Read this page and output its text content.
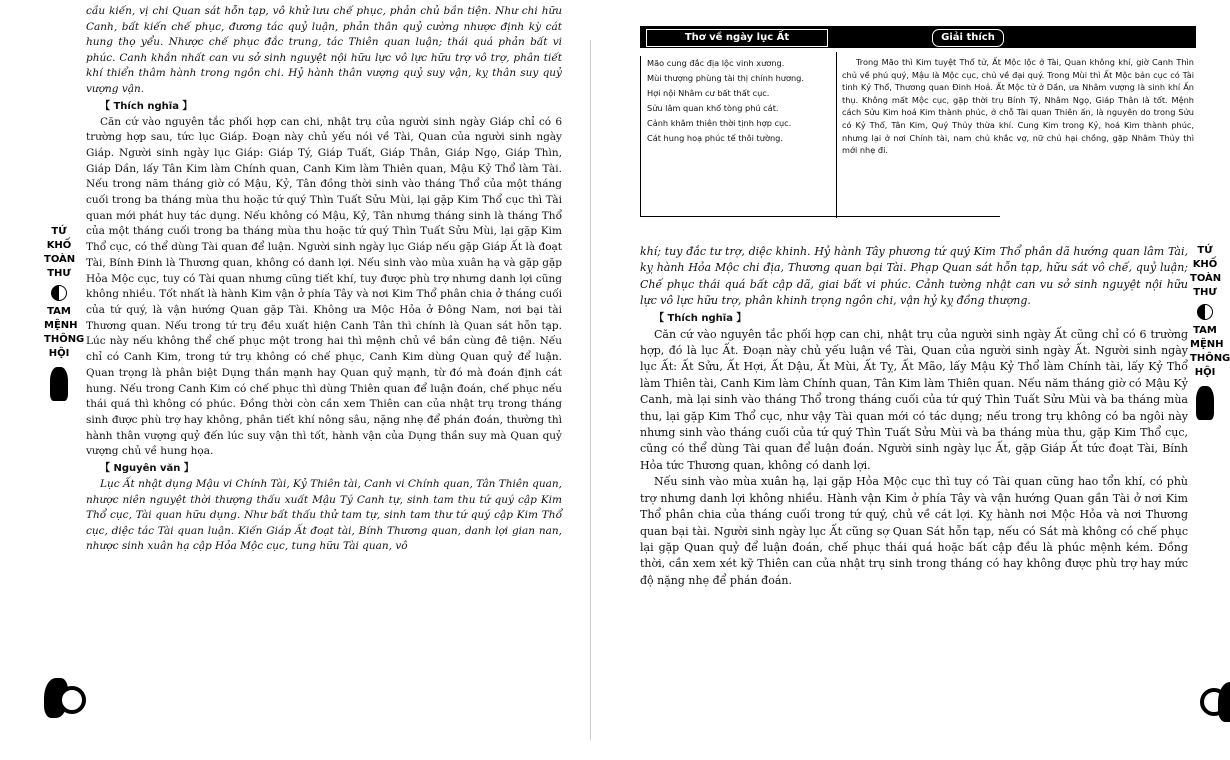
TỨ
KHỐ
TOÀN
THƯ
TAM
MỆNH
THÔNG
HỘI

cầu kiến, vị chi Quan sát hỗn tạp, vô khử lưu chế phục, phản chủ bần tiện. Như chi hữu Canh, bất kiến chế phục, đương tác quỷ luận, phản thân quỷ cường nhược định kỳ cát hung thọ yểu. Nhược chế phục đắc trung, tác Thiên quan luận; thái quá phản bất vi phúc. Canh khắn nhất can vu sở sinh nguyệt nội hữu lực vô lực hữu trợ vô trợ, phân tiết khí thiển thâm hành trong ngôn chi. Hỷ hành thân vượng quỷ suy vận, kỵ thân suy quỷ vượng vận.

【 Thích nghĩa 】

Căn cứ vào nguyên tắc phối hợp can chi, nhật trụ của người sinh ngày Giáp chỉ có 6 trường hợp sau, tức lục Giáp. Đoạn này chủ yếu nói về Tài, Quan của người sinh ngày Giáp. Người sinh ngày lục Giáp: Giáp Tý, Giáp Tuất, Giáp Thân, Giáp Ngọ, Giáp Thìn, Giáp Dần, lấy Tân Kim làm Chính quan, Canh Kim làm Thiên quan, Mậu Kỷ Thổ làm Tài. Nếu trong năm tháng giờ có Mậu, Kỷ, Tân đồng thời sinh vào tháng Thổ của một tháng cuối trong ba tháng mùa thu hoặc tứ quý Thìn Tuất Sửu Mùi, lại gặp Kim Thổ cục thì Tài quan mới phát huy tác dụng. Nếu không có Mậu, Kỷ, Tân nhưng tháng sinh là tháng Thổ của một tháng cuối trong ba tháng mùa thu hoặc tứ quý Thìn Tuất Sửu Mùi, lại gặp Kim Thổ cục, có thể dùng Tài quan để luận. Người sinh ngày lục Giáp nếu gặp Giáp Ất là đoạt Tài, Bính Đinh là Thương quan, không có danh lợi. Nếu sinh vào mùa xuân hạ và gặp gặp Hỏa Mộc cục, tuy có Tài quan nhưng cũng tiết khí, tuy được phù trợ nhưng danh lợi cũng không nhiều. Tốt nhất là hành Kim vận ở phía Tây và nơi Kim Thổ phân chia ở tháng cuối của tứ quý, là vận hướng Quan gặp Tài. Không ưa Mộc Hỏa ở Đông Nam, nơi bại tài Thương quan. Nếu trong tứ trụ đều xuất hiện Canh Tân thì chính là Quan sát hỗn tạp. Lúc này nếu không thể chế phục một trong hai thì mệnh chủ về bần cùng đê tiện. Nếu chỉ có Canh Kim, trong tứ trụ không có chế phục, Canh Kim dùng Quan quỷ để luận. Quan trọng là phân biệt Dụng thần mạnh hay Quan quỷ mạnh, từ đó mà đoán định cát hung. Nếu trong Canh Kim có chế phục thì dùng Thiên quan để luận đoán, chế phục nếu thái quá thì không có phúc. Đồng thời còn cần xem Thiên can của nhật trụ trong tháng sinh được phù trợ hay không, phân tiết khí nông sâu, nặng nhẹ để phán đoán, thường thì hành thân vượng quỷ đến lúc suy vận thì tốt, hành vận của Dụng thần suy mà Quan quỷ vượng chủ về hung họa.

【 Nguyên văn 】

Lục Ất nhật dụng Mậu vi Chính Tài, Kỷ Thiên tài, Canh vi Chính quan, Tân Thiên quan, nhược niên nguyệt thời thượng thấu xuất Mậu Tý Canh tự, sinh tam thu tứ quý cập Kim Thổ cục, Tài quan hữu dụng. Như bất thấu thử tam tự, sinh tam thư tứ quý cập Kim Thổ cục, diệc tác Tài quan luận. Kiến Giáp Ất đoạt tài, Bính Thương quan, danh lợi gian nan, nhược sinh xuân hạ cập Hỏa Mộc cục, tung hữu Tài quan, vô

Thơ về ngày lục Ất	Giải thích
Mão cung đắc địa lộc vinh xương.
Mùi thượng phùng tài thị chính hương.
Hợi nội Nhâm cư bất thất cục.
Sửu lâm quan khố tòng phú cát.
Cảnh khâm thiên thời tịnh hợp cục.
Cát hung hoạ phúc tế thôi tường.

Trong Mão thì Kim tuyệt Thổ tử, Ất Mộc lộc ở Tài, Quan không khí, giờ Canh Thìn chủ về phú quý, Mậu là Mộc cục, chủ về đại quý. Trong Mùi thì Ất Mộc bản cục có Tài tinh Kỷ Thổ, Thương quan Đinh Hoả. Ất Mộc tử ở Dần, ưa Nhâm vượng là sinh khí Ấn thụ. Không mất Mộc cục, gặp thời trụ Bính Tý, Nhâm Ngọ, Giáp Thân là tốt. Mệnh cách Sửu Kim hoá Kim thành phúc, ở chỗ Tài quan Thiên ấn, là nguyên do trong Sửu có Kỷ Thổ, Tân Kim, Quý Thủy thừa khí. Cung Kim trong Kỷ, hoá Kim thành phúc, nhưng lại ở nơi Chính tài, nam chủ khắc vợ, nữ chủ hại chồng, gặp Nhâm Thủy thì mới nhẹ đi.

khí; tuy đắc tư trợ, diệc khinh. Hỷ hành Tây phương tứ quý Kim Thổ phân dã hướng quan lâm Tài, kỵ hành Hỏa Mộc chi địa, Thương quan bại Tài. Phạp Quan sát hỗn tạp, hữu sát vô chế, quỷ luận; Chế phục thái quá bất cập dã, giai bất vi phúc. Cảnh tường nhật can vu sở sinh nguyệt nội hữu lực vô lực hữu trợ, phân khinh trọng ngôn chi, vận hỷ kỵ đồng thượng.

【 Thích nghĩa 】

Căn cứ vào nguyên tắc phối hợp can chi, nhật trụ của người sinh ngày Ất cũng chỉ có 6 trường hợp, đó là lục Ất. Đoạn này chủ yếu luận về Tài, Quan của người sinh ngày Ất. Người sinh ngày lục Ất: Ất Sửu, Ất Hợi, Ất Dậu, Ất Mùi, Ất Tỵ, Ất Mão, lấy Mậu Kỷ Thổ làm Chính tài, lấy Kỷ Thổ làm Thiên tài, Canh Kim làm Chính quan, Tân Kim làm Thiên quan. Nếu năm tháng giờ có Mậu Kỷ Canh, mà lại sinh vào tháng Thổ trong tháng cuối của tứ quý Thìn Tuất Sửu Mùi và ba tháng mùa thu, lại gặp Kim Thổ cục, như vậy Tài quan mới có tác dụng; nếu trong trụ không có ba ngôi này nhưng sinh vào tháng cuối của tứ quý Thìn Tuất Sửu Mùi và ba tháng mùa thu, gặp Kim Thổ cục, cũng có thể dùng Tài quan để luận đoán. Người sinh ngày lục Ất, gặp Giáp Ất tức đoạt Tài, Bính Hỏa tức Thương quan, không có danh lợi.

Nếu sinh vào mùa xuân hạ, lại gặp Hỏa Mộc cục thì tuy có Tài quan cũng hao tổn khí, có phù trợ nhưng danh lợi không nhiều. Hành vận Kim ở phía Tây và vận hướng Quan gần Tài ở nơi Kim Thổ phân chia của tháng cuối trong tứ quý, chủ về cát lợi. Kỵ hành nơi Mộc Hỏa và nơi Thương quan bại tài. Người sinh ngày lục Ất cũng sợ Quan Sát hỗn tạp, nếu có Sát mà không có chế phục lại gặp Quan quỷ để luận đoán, chế phục thái quá hoặc bất cập đều là phúc mệnh kém. Đồng thời, cần xem xét kỹ Thiên can của nhật trụ sinh trong tháng có hay không được phù trợ hay mức độ nặng nhẹ để phán đoán.

TỨ
KHỐ
TOÀN
THƯ
TAM
MỆNH
THÔNG
HỘI
